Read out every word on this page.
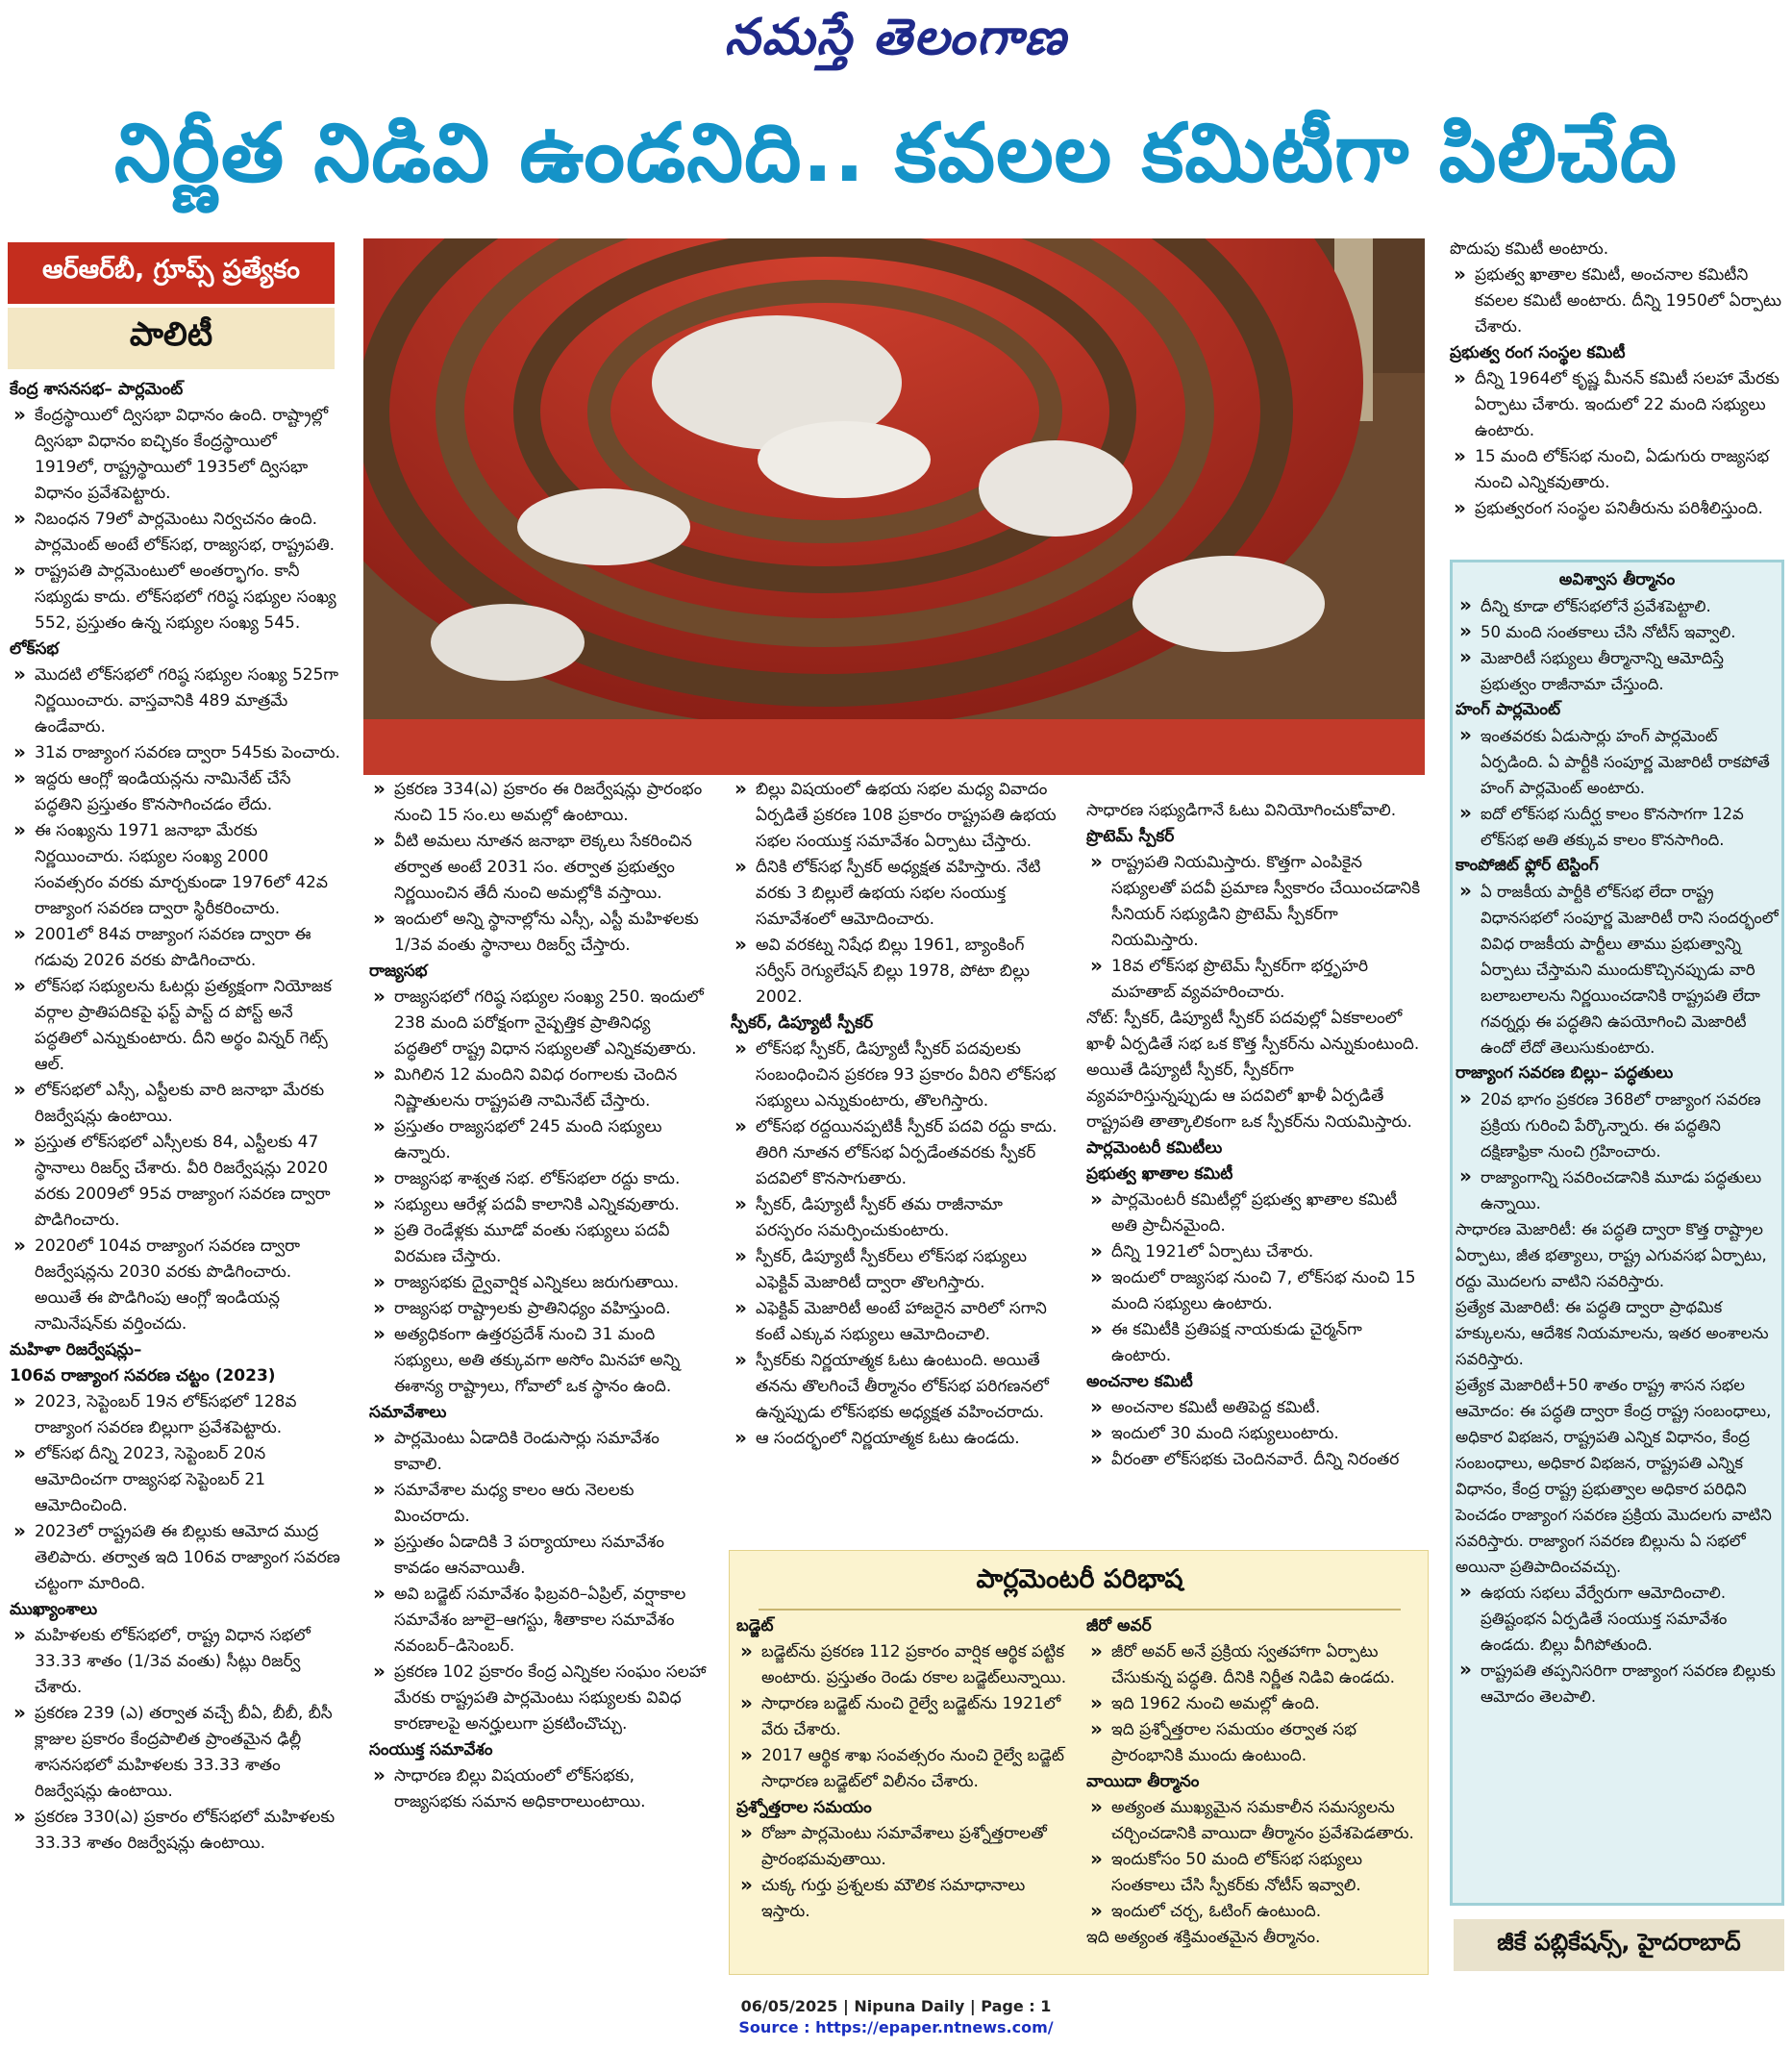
నమస్తే తెలంగాణ
నిర్ణీత నిడివి ఉండనిది.. కవలల కమిటీగా పిలిచేది
ఆర్‌ఆర్‌బీ, గ్రూప్స్ ప్రత్యేకం
పాలిటీ

కేంద్ర శాసనసభ– పార్లమెంట్

» కేంద్రస్థాయిలో ద్విసభా విధానం ఉంది. రాష్ట్రాల్లో ద్విసభా విధానం ఐచ్ఛికం కేంద్రస్థాయిలో 1919లో, రాష్ట్రస్థాయిలో 1935లో ద్విసభా విధానం ప్రవేశపెట్టారు.

» నిబంధన 79లో పార్లమెంటు నిర్వచనం ఉంది. పార్లమెంట్ అంటే లోక్‌సభ, రాజ్యసభ, రాష్ట్రపతి.

» రాష్ట్రపతి పార్లమెంటులో అంతర్భాగం. కానీ సభ్యుడు కాదు. లోక్‌సభలో గరిష్ఠ సభ్యుల సంఖ్య 552, ప్రస్తుతం ఉన్న సభ్యుల సంఖ్య 545.

లోక్‌సభ

» మొదటి లోక్‌సభలో గరిష్ఠ సభ్యుల సంఖ్య 525గా నిర్ణయించారు. వాస్తవానికి 489 మాత్రమే ఉండేవారు.

» 31వ రాజ్యాంగ సవరణ ద్వారా 545కు పెంచారు.

» ఇద్దరు ఆంగ్లో ఇండియన్లను నామినేట్ చేసే పద్ధతిని ప్రస్తుతం కొనసాగించడం లేదు.

» ఈ సంఖ్యను 1971 జనాభా మేరకు నిర్ణయించారు. సభ్యుల సంఖ్య 2000 సంవత్సరం వరకు మార్చకుండా 1976లో 42వ రాజ్యాంగ సవరణ ద్వారా స్థిరీకరించారు.

» 2001లో 84వ రాజ్యాంగ సవరణ ద్వారా ఈ గడువు 2026 వరకు పొడిగించారు.

» లోక్‌సభ సభ్యులను ఓటర్లు ప్రత్యక్షంగా నియోజక వర్గాల ప్రాతిపదికపై ఫస్ట్ పాస్ట్ ద పోస్ట్ అనే పద్ధతిలో ఎన్నుకుంటారు. దీని అర్థం విన్నర్ గెట్స్ ఆల్.

» లోక్‌సభలో ఎస్సీ, ఎస్టీలకు వారి జనాభా మేరకు రిజర్వేషన్లు ఉంటాయి.

» ప్రస్తుత లోక్‌సభలో ఎస్సీలకు 84, ఎస్టీలకు 47 స్థానాలు రిజర్వ్ చేశారు. వీరి రిజర్వేషన్లు 2020 వరకు 2009లో 95వ రాజ్యాంగ సవరణ ద్వారా పొడిగించారు.

» 2020లో 104వ రాజ్యాంగ సవరణ ద్వారా రిజర్వేషన్లను 2030 వరకు పొడిగించారు. అయితే ఈ పొడిగింపు ఆంగ్లో ఇండియన్ల నామినేషన్‌కు వర్తించదు.

మహిళా రిజర్వేషన్లు–

106వ రాజ్యాంగ సవరణ చట్టం (2023)

» 2023, సెప్టెంబర్ 19న లోక్‌సభలో 128వ రాజ్యాంగ సవరణ బిల్లుగా ప్రవేశపెట్టారు.

» లోక్‌సభ దీన్ని 2023, సెప్టెంబర్ 20న ఆమోదించగా రాజ్యసభ సెప్టెంబర్ 21 ఆమోదించింది.

» 2023లో రాష్ట్రపతి ఈ బిల్లుకు ఆమోద ముద్ర తెలిపారు. తర్వాత ఇది 106వ రాజ్యాంగ సవరణ చట్టంగా మారింది.

ముఖ్యాంశాలు

» మహిళలకు లోక్‌సభలో, రాష్ట్ర విధాన సభలో 33.33 శాతం (1/3వ వంతు) సీట్లు రిజర్వ్ చేశారు.

» ప్రకరణ 239 (ఎ) తర్వాత వచ్చే బీఏ, బీబీ, బీసీ క్లాజుల ప్రకారం కేంద్రపాలిత ప్రాంతమైన ఢిల్లీ శాసనసభలో మహిళలకు 33.33 శాతం రిజర్వేషన్లు ఉంటాయి.

» ప్రకరణ 330(ఎ) ప్రకారం లోక్‌సభలో మహిళలకు 33.33 శాతం రిజర్వేషన్లు ఉంటాయి.

» ప్రకరణ 334(ఎ) ప్రకారం ఈ రిజర్వేషన్లు ప్రారంభం నుంచి 15 సం.లు అమల్లో ఉంటాయి.

» వీటి అమలు నూతన జనాభా లెక్కలు సేకరించిన తర్వాత అంటే 2031 సం. తర్వాత ప్రభుత్వం నిర్ణయించిన తేదీ నుంచి అమల్లోకి వస్తాయి.

» ఇందులో అన్ని స్థానాల్లోను ఎస్సీ, ఎస్టీ మహిళలకు 1/3వ వంతు స్థానాలు రిజర్వ్ చేస్తారు.

రాజ్యసభ

» రాజ్యసభలో గరిష్ఠ సభ్యుల సంఖ్య 250. ఇందులో 238 మంది పరోక్షంగా నైష్పత్తిక ప్రాతినిధ్య పద్ధతిలో రాష్ట్ర విధాన సభ్యులతో ఎన్నికవుతారు.

» మిగిలిన 12 మందిని వివిధ రంగాలకు చెందిన నిష్ణాతులను రాష్ట్రపతి నామినేట్ చేస్తారు.

» ప్రస్తుతం రాజ్యసభలో 245 మంది సభ్యులు ఉన్నారు.

» రాజ్యసభ శాశ్వత సభ. లోక్‌సభలా రద్దు కాదు.

» సభ్యులు ఆరేళ్ల పదవీ కాలానికి ఎన్నికవుతారు.

» ప్రతి రెండేళ్లకు మూడో వంతు సభ్యులు పదవీ విరమణ చేస్తారు.

» రాజ్యసభకు ద్వైవార్షిక ఎన్నికలు జరుగుతాయి.

» రాజ్యసభ రాష్ట్రాలకు ప్రాతినిధ్యం వహిస్తుంది.

» అత్యధికంగా ఉత్తరప్రదేశ్ నుంచి 31 మంది సభ్యులు, అతి తక్కువగా అసోం మినహా అన్ని ఈశాన్య రాష్ట్రాలు, గోవాలో ఒక స్థానం ఉంది.

సమావేశాలు

» పార్లమెంటు ఏడాదికి రెండుసార్లు సమావేశం కావాలి.

» సమావేశాల మధ్య కాలం ఆరు నెలలకు మించరాదు.

» ప్రస్తుతం ఏడాదికి 3 పర్యాయాలు సమావేశం కావడం ఆనవాయితీ.

» అవి బడ్జెట్ సమావేశం ఫిబ్రవరి–ఏప్రిల్, వర్షాకాల సమావేశం జూలై–ఆగస్టు, శీతాకాల సమావేశం నవంబర్–డిసెంబర్.

» ప్రకరణ 102 ప్రకారం కేంద్ర ఎన్నికల సంఘం సలహా మేరకు రాష్ట్రపతి పార్లమెంటు సభ్యులకు వివిధ కారణాలపై అనర్హులుగా ప్రకటించొచ్చు.

సంయుక్త సమావేశం

» సాధారణ బిల్లు విషయంలో లోక్‌సభకు, రాజ్యసభకు సమాన అధికారాలుంటాయి.

» బిల్లు విషయంలో ఉభయ సభల మధ్య వివాదం ఏర్పడితే ప్రకరణ 108 ప్రకారం రాష్ట్రపతి ఉభయ సభల సంయుక్త సమావేశం ఏర్పాటు చేస్తారు.

» దీనికి లోక్‌సభ స్పీకర్ అధ్యక్షత వహిస్తారు. నేటి వరకు 3 బిల్లులే ఉభయ సభల సంయుక్త సమావేశంలో ఆమోదించారు.

» అవి వరకట్న నిషేధ బిల్లు 1961, బ్యాంకింగ్ సర్వీస్ రెగ్యులేషన్ బిల్లు 1978, పోటా బిల్లు 2002.

స్పీకర్, డిప్యూటీ స్పీకర్

» లోక్‌సభ స్పీకర్, డిప్యూటీ స్పీకర్ పదవులకు సంబంధించిన ప్రకరణ 93 ప్రకారం వీరిని లోక్‌సభ సభ్యులు ఎన్నుకుంటారు, తొలగిస్తారు.

» లోక్‌సభ రద్దయినప్పటికీ స్పీకర్ పదవి రద్దు కాదు. తిరిగి నూతన లోక్‌సభ ఏర్పడేంతవరకు స్పీకర్ పదవిలో కొనసాగుతారు.

» స్పీకర్, డిప్యూటీ స్పీకర్ తమ రాజీనామా పరస్పరం సమర్పించుకుంటారు.

» స్పీకర్, డిప్యూటీ స్పీకర్‌లు లోక్‌సభ సభ్యులు ఎఫెక్టివ్ మెజారిటీ ద్వారా తొలగిస్తారు.

» ఎఫెక్టివ్ మెజారిటీ అంటే హాజరైన వారిలో సగాని కంటే ఎక్కువ సభ్యులు ఆమోదించాలి.

» స్పీకర్‌కు నిర్ణయాత్మక ఓటు ఉంటుంది. అయితే తనను తొలగించే తీర్మానం లోక్‌సభ పరిగణనలో ఉన్నప్పుడు లోక్‌సభకు అధ్యక్షత వహించరాదు.

» ఆ సందర్భంలో నిర్ణయాత్మక ఓటు ఉండదు.

సాధారణ సభ్యుడిగానే ఓటు వినియోగించుకోవాలి.

ప్రొటెమ్ స్పీకర్

» రాష్ట్రపతి నియమిస్తారు. కొత్తగా ఎంపికైన సభ్యులతో పదవీ ప్రమాణ స్వీకారం చేయించడానికి సీనియర్ సభ్యుడిని ప్రొటెమ్ స్పీకర్‌గా నియమిస్తారు.

» 18వ లోక్‌సభ ప్రొటెమ్ స్పీకర్‌గా భర్తృహరి మహతాబ్ వ్యవహరించారు.

నోట్: స్పీకర్, డిప్యూటీ స్పీకర్ పదవుల్లో ఏకకాలంలో ఖాళీ ఏర్పడితే సభ ఒక కొత్త స్పీకర్‌ను ఎన్నుకుంటుంది. అయితే డిప్యూటీ స్పీకర్, స్పీకర్‌గా వ్యవహరిస్తున్నప్పుడు ఆ పదవిలో ఖాళీ ఏర్పడితే రాష్ట్రపతి తాత్కాలికంగా ఒక స్పీకర్‌ను నియమిస్తారు.

పార్లమెంటరీ కమిటీలు

ప్రభుత్వ ఖాతాల కమిటీ

» పార్లమెంటరీ కమిటీల్లో ప్రభుత్వ ఖాతాల కమిటీ అతి ప్రాచీనమైంది.

» దీన్ని 1921లో ఏర్పాటు చేశారు.

» ఇందులో రాజ్యసభ నుంచి 7, లోక్‌సభ నుంచి 15 మంది సభ్యులు ఉంటారు.

» ఈ కమిటీకి ప్రతిపక్ష నాయకుడు చైర్మన్‌గా ఉంటారు.

అంచనాల కమిటీ

» అంచనాల కమిటీ అతిపెద్ద కమిటీ.

» ఇందులో 30 మంది సభ్యులుంటారు.

» వీరంతా లోక్‌సభకు చెందినవారే. దీన్ని నిరంతర

పొదుపు కమిటీ అంటారు.

» ప్రభుత్వ ఖాతాల కమిటీ, అంచనాల కమిటీని కవలల కమిటీ అంటారు. దీన్ని 1950లో ఏర్పాటు చేశారు.

ప్రభుత్వ రంగ సంస్థల కమిటీ

» దీన్ని 1964లో కృష్ణ మీనన్ కమిటీ సలహా మేరకు ఏర్పాటు చేశారు. ఇందులో 22 మంది సభ్యులు ఉంటారు.

» 15 మంది లోక్‌సభ నుంచి, ఏడుగురు రాజ్యసభ నుంచి ఎన్నికవుతారు.

» ప్రభుత్వరంగ సంస్థల పనితీరును పరిశీలిస్తుంది.

అవిశ్వాస తీర్మానం

» దీన్ని కూడా లోక్‌సభలోనే ప్రవేశపెట్టాలి.

» 50 మంది సంతకాలు చేసి నోటీస్ ఇవ్వాలి.

» మెజారిటీ సభ్యులు తీర్మానాన్ని ఆమోదిస్తే ప్రభుత్వం రాజీనామా చేస్తుంది.

హంగ్ పార్లమెంట్

» ఇంతవరకు ఏడుసార్లు హంగ్ పార్లమెంట్ ఏర్పడింది. ఏ పార్టీకి సంపూర్ణ మెజారిటీ రాకపోతే హంగ్ పార్లమెంట్ అంటారు.

» ఐదో లోక్‌సభ సుదీర్ఘ కాలం కొనసాగగా 12వ లోక్‌సభ అతి తక్కువ కాలం కొనసాగింది.

కాంపోజిట్ ఫ్లోర్ టెస్టింగ్

» ఏ రాజకీయ పార్టీకి లోక్‌సభ లేదా రాష్ట్ర విధానసభలో సంపూర్ణ మెజారిటీ రాని సందర్భంలో వివిధ రాజకీయ పార్టీలు తాము ప్రభుత్వాన్ని ఏర్పాటు చేస్తామని ముందుకొచ్చినప్పుడు వారి బలాబలాలను నిర్ణయించడానికి రాష్ట్రపతి లేదా గవర్నర్లు ఈ పద్ధతిని ఉపయోగించి మెజారిటీ ఉందో లేదో తెలుసుకుంటారు.

రాజ్యాంగ సవరణ బిల్లు– పద్ధతులు

» 20వ భాగం ప్రకరణ 368లో రాజ్యాంగ సవరణ ప్రక్రియ గురించి పేర్కొన్నారు. ఈ పద్ధతిని దక్షిణాఫ్రికా నుంచి గ్రహించారు.

» రాజ్యాంగాన్ని సవరించడానికి మూడు పద్ధతులు ఉన్నాయి.

సాధారణ మెజారిటీ: ఈ పద్ధతి ద్వారా కొత్త రాష్ట్రాల ఏర్పాటు, జీత భత్యాలు, రాష్ట్ర ఎగువసభ ఏర్పాటు, రద్దు మొదలగు వాటిని సవరిస్తారు.

ప్రత్యేక మెజారిటీ: ఈ పద్ధతి ద్వారా ప్రాథమిక హక్కులను, ఆదేశిక నియమాలను, ఇతర అంశాలను సవరిస్తారు.

ప్రత్యేక మెజారిటీ+50 శాతం రాష్ట్ర శాసన సభల ఆమోదం: ఈ పద్ధతి ద్వారా కేంద్ర రాష్ట్ర సంబంధాలు, అధికార విభజన, రాష్ట్రపతి ఎన్నిక విధానం, కేంద్ర సంబంధాలు, అధికార విభజన, రాష్ట్రపతి ఎన్నిక విధానం, కేంద్ర రాష్ట్ర ప్రభుత్వాల అధికార పరిధిని పెంచడం రాజ్యాంగ సవరణ ప్రక్రియ మొదలగు వాటిని సవరిస్తారు. రాజ్యాంగ సవరణ బిల్లును ఏ సభలో అయినా ప్రతిపాదించవచ్చు.

» ఉభయ సభలు వేర్వేరుగా ఆమోదించాలి. ప్రతిష్టంభన ఏర్పడితే సంయుక్త సమావేశం ఉండదు. బిల్లు వీగిపోతుంది.

» రాష్ట్రపతి తప్పనిసరిగా రాజ్యాంగ సవరణ బిల్లుకు ఆమోదం తెలపాలి.

పార్లమెంటరీ పరిభాష

బడ్జెట్

» బడ్జెట్‌ను ప్రకరణ 112 ప్రకారం వార్షిక ఆర్థిక పట్టిక అంటారు. ప్రస్తుతం రెండు రకాల బడ్జెట్‌లున్నాయి.

» సాధారణ బడ్జెట్ నుంచి రైల్వే బడ్జెట్‌ను 1921లో వేరు చేశారు.

» 2017 ఆర్థిక శాఖ సంవత్సరం నుంచి రైల్వే బడ్జెట్ సాధారణ బడ్జెట్‌లో విలీనం చేశారు.

ప్రశ్నోత్తరాల సమయం

» రోజూ పార్లమెంటు సమావేశాలు ప్రశ్నోత్తరాలతో ప్రారంభమవుతాయి.

» చుక్క గుర్తు ప్రశ్నలకు మౌలిక సమాధానాలు ఇస్తారు.

జీరో అవర్

» జీరో అవర్ అనే ప్రక్రియ స్వతహాగా ఏర్పాటు చేసుకున్న పద్ధతి. దీనికి నిర్ణీత నిడివి ఉండదు.

» ఇది 1962 నుంచి అమల్లో ఉంది.

» ఇది ప్రశ్నోత్తరాల సమయం తర్వాత సభ ప్రారంభానికి ముందు ఉంటుంది.

వాయిదా తీర్మానం

» అత్యంత ముఖ్యమైన సమకాలీన సమస్యలను చర్చించడానికి వాయిదా తీర్మానం ప్రవేశపెడతారు.

» ఇందుకోసం 50 మంది లోక్‌సభ సభ్యులు సంతకాలు చేసి స్పీకర్‌కు నోటీస్ ఇవ్వాలి.

» ఇందులో చర్చ, ఓటింగ్ ఉంటుంది.

ఇది అత్యంత శక్తిమంతమైన తీర్మానం.	జీకే పబ్లికేషన్స్, హైదరాబాద్
06/05/2025 | Nipuna Daily | Page : 1
Source : https://epaper.ntnews.com/
